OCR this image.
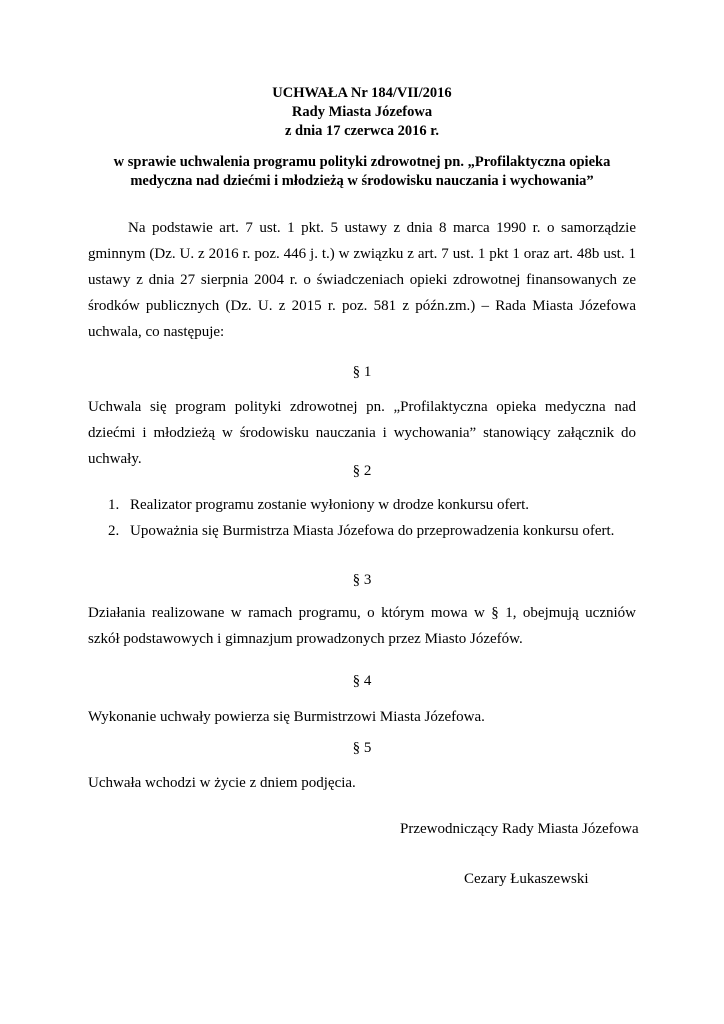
UCHWAŁA Nr 184/VII/2016
Rady Miasta Józefowa
z dnia 17 czerwca 2016 r.
w sprawie uchwalenia programu polityki zdrowotnej pn. „Profilaktyczna opieka
medyczna nad dziećmi i młodzieżą w środowisku nauczania i wychowania”
Na podstawie art. 7 ust. 1 pkt. 5 ustawy z dnia 8 marca 1990 r. o samorządzie gminnym (Dz. U. z 2016 r. poz. 446 j. t.) w związku z art. 7 ust. 1 pkt 1 oraz art. 48b ust. 1 ustawy z dnia 27 sierpnia 2004 r. o świadczeniach opieki zdrowotnej finansowanych ze środków publicznych (Dz. U. z 2015 r. poz. 581 z późn.zm.) – Rada Miasta Józefowa uchwala, co następuje:
§ 1
Uchwala się program polityki zdrowotnej pn. „Profilaktyczna opieka medyczna nad dziećmi i młodzieżą w środowisku nauczania i wychowania” stanowiący załącznik do uchwały.
§ 2
1. Realizator programu zostanie wyłoniony w drodze konkursu ofert.
2. Upoważnia się Burmistrza Miasta Józefowa do przeprowadzenia konkursu ofert.
§ 3
Działania realizowane w ramach programu, o którym mowa w § 1, obejmują uczniów szkół podstawowych i gimnazjum prowadzonych przez Miasto Józefów.
§ 4
Wykonanie uchwały powierza się Burmistrzowi Miasta Józefowa.
§ 5
Uchwała wchodzi w życie z dniem podjęcia.
Przewodniczący Rady Miasta Józefowa
Cezary Łukaszewski
